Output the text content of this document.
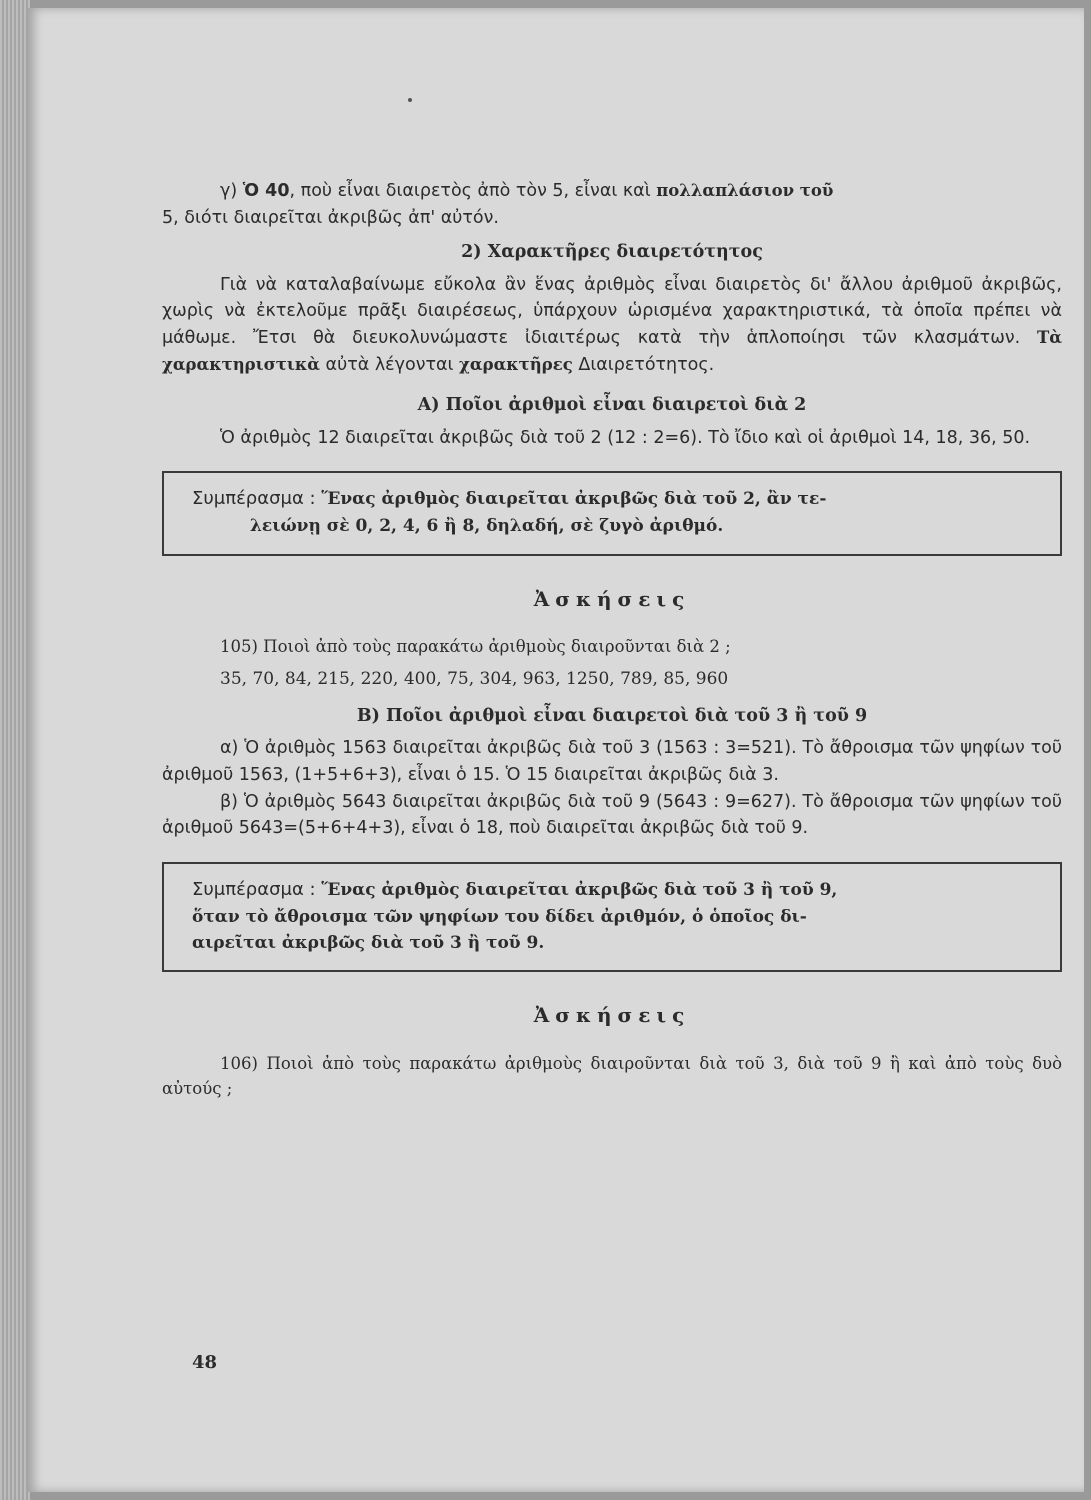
γ) Ὁ 40, ποὺ εἶναι διαιρετὸς ἀπὸ τὸν 5, εἶναι καὶ πολλαπλάσιον τοῦ

5, διότι διαιρεῖται ἀκριβῶς ἀπ' αὐτόν.

2) Χαρακτῆρες διαιρετότητος

Γιὰ νὰ καταλαβαίνωμε εὔκολα ἂν ἕνας ἀριθμὸς εἶναι διαιρετὸς δι' ἄλλου ἀριθμοῦ ἀκριβῶς, χωρὶς νὰ ἐκτελοῦμε πρᾶξι διαιρέσεως, ὑπάρχουν ὡρισμένα χαρακτηριστικά, τὰ ὁποῖα πρέπει νὰ μάθωμε. Ἔτσι θὰ διευκολυνώμαστε ἰδιαιτέρως κατὰ τὴν ἁπλοποίησι τῶν κλασμάτων. Τὰ χαρακτηριστικὰ αὐτὰ λέγονται χαρακτῆρες Διαιρετότητος.

Α) Ποῖοι ἀριθμοὶ εἶναι διαιρετοὶ διὰ 2

Ὁ ἀριθμὸς 12 διαιρεῖται ἀκριβῶς διὰ τοῦ 2 (12 : 2=6). Τὸ ἴδιο καὶ οἱ ἀριθμοὶ 14, 18, 36, 50.

Συμπέρασμα : Ἕνας ἀριθμὸς διαιρεῖται ἀκριβῶς διὰ τοῦ 2, ἂν τε-
λειώνῃ σὲ 0, 2, 4, 6 ἢ 8, δηλαδή, σὲ ζυγὸ ἀριθμό.
Ἀσκήσεις

105) Ποιοὶ ἀπὸ τοὺς παρακάτω ἀριθμοὺς διαιροῦνται διὰ 2 ;

35, 70, 84, 215, 220, 400, 75, 304, 963, 1250, 789, 85, 960

Β) Ποῖοι ἀριθμοὶ εἶναι διαιρετοὶ διὰ τοῦ 3 ἢ τοῦ 9

α) Ὁ ἀριθμὸς 1563 διαιρεῖται ἀκριβῶς διὰ τοῦ 3 (1563 : 3=521). Τὸ ἄθροισμα τῶν ψηφίων τοῦ ἀριθμοῦ 1563, (1+5+6+3), εἶναι ὁ 15. Ὁ 15 διαιρεῖται ἀκριβῶς διὰ 3.

β) Ὁ ἀριθμὸς 5643 διαιρεῖται ἀκριβῶς διὰ τοῦ 9 (5643 : 9=627). Τὸ ἄθροισμα τῶν ψηφίων τοῦ ἀριθμοῦ 5643=(5+6+4+3), εἶναι ὁ 18, ποὺ διαιρεῖται ἀκριβῶς διὰ τοῦ 9.

Συμπέρασμα : Ἕνας ἀριθμὸς διαιρεῖται ἀκριβῶς διὰ τοῦ 3 ἢ τοῦ 9,
ὅταν τὸ ἄθροισμα τῶν ψηφίων του δίδει ἀριθμόν, ὁ ὁποῖος δι-
αιρεῖται ἀκριβῶς διὰ τοῦ 3 ἢ τοῦ 9.
Ἀσκήσεις

106) Ποιοὶ ἀπὸ τοὺς παρακάτω ἀριθμοὺς διαιροῦνται διὰ τοῦ 3, διὰ τοῦ 9 ἢ καὶ ἀπὸ τοὺς δυὸ αὐτούς ;

48
